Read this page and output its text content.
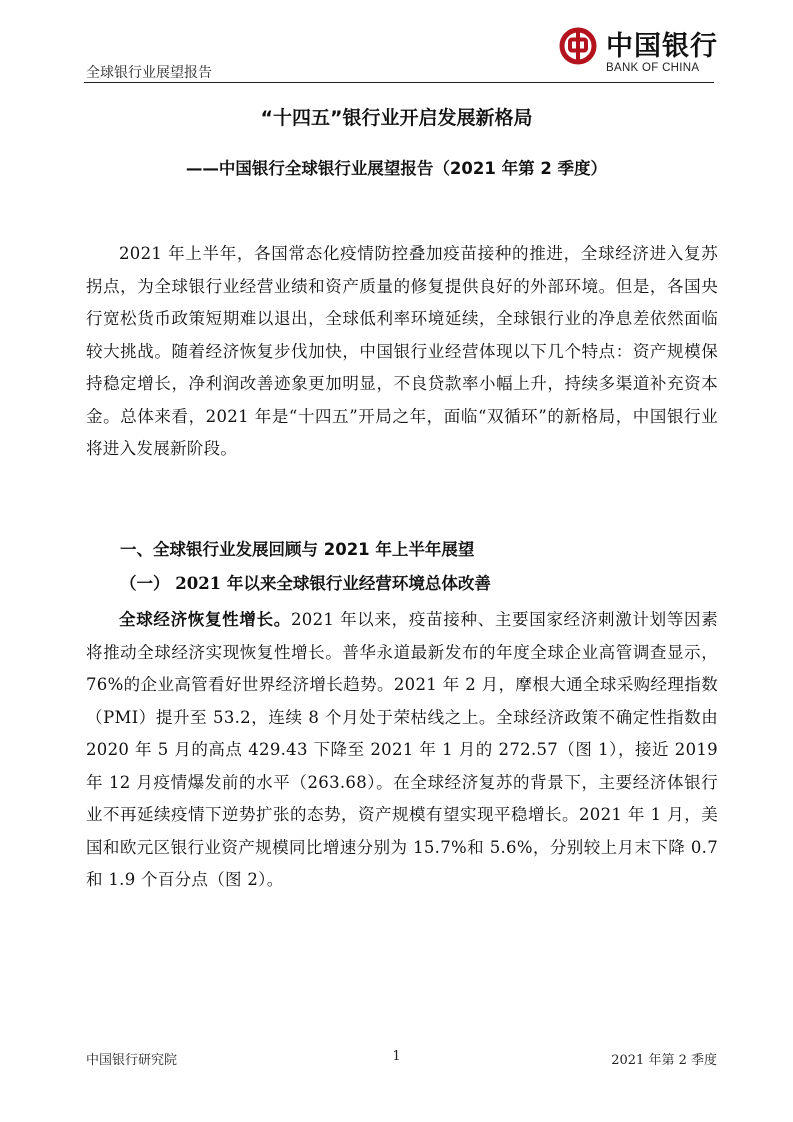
全球银行业展望报告
中国银行
BANK OF CHINA
“十四五”银行业开启发展新格局
——中国银行全球银行业展望报告（2021 年第 2 季度）

2021 年上半年，各国常态化疫情防控叠加疫苗接种的推进，全球经济进入复苏拐点，为全球银行业经营业绩和资产质量的修复提供良好的外部环境。但是，各国央行宽松货币政策短期难以退出，全球低利率环境延续，全球银行业的净息差依然面临较大挑战。随着经济恢复步伐加快，中国银行业经营体现以下几个特点：资产规模保持稳定增长，净利润改善迹象更加明显，不良贷款率小幅上升，持续多渠道补充资本金。总体来看，2021 年是“十四五”开局之年，面临“双循环”的新格局，中国银行业将进入发展新阶段。

一、全球银行业发展回顾与 2021 年上半年展望
（一） 2021 年以来全球银行业经营环境总体改善

全球经济恢复性增长。2021 年以来，疫苗接种、主要国家经济刺激计划等因素将推动全球经济实现恢复性增长。普华永道最新发布的年度全球企业高管调查显示，76%的企业高管看好世界经济增长趋势。2021 年 2 月，摩根大通全球采购经理指数（PMI）提升至 53.2，连续 8 个月处于荣枯线之上。全球经济政策不确定性指数由 2020 年 5 月的高点 429.43 下降至 2021 年 1 月的 272.57（图 1），接近 2019 年 12 月疫情爆发前的水平（263.68）。在全球经济复苏的背景下，主要经济体银行业不再延续疫情下逆势扩张的态势，资产规模有望实现平稳增长。2021 年 1 月，美国和欧元区银行业资产规模同比增速分别为 15.7%和 5.6%，分别较上月末下降 0.7 和 1.9 个百分点（图 2）。

中国银行研究院	1	2021 年第 2 季度
